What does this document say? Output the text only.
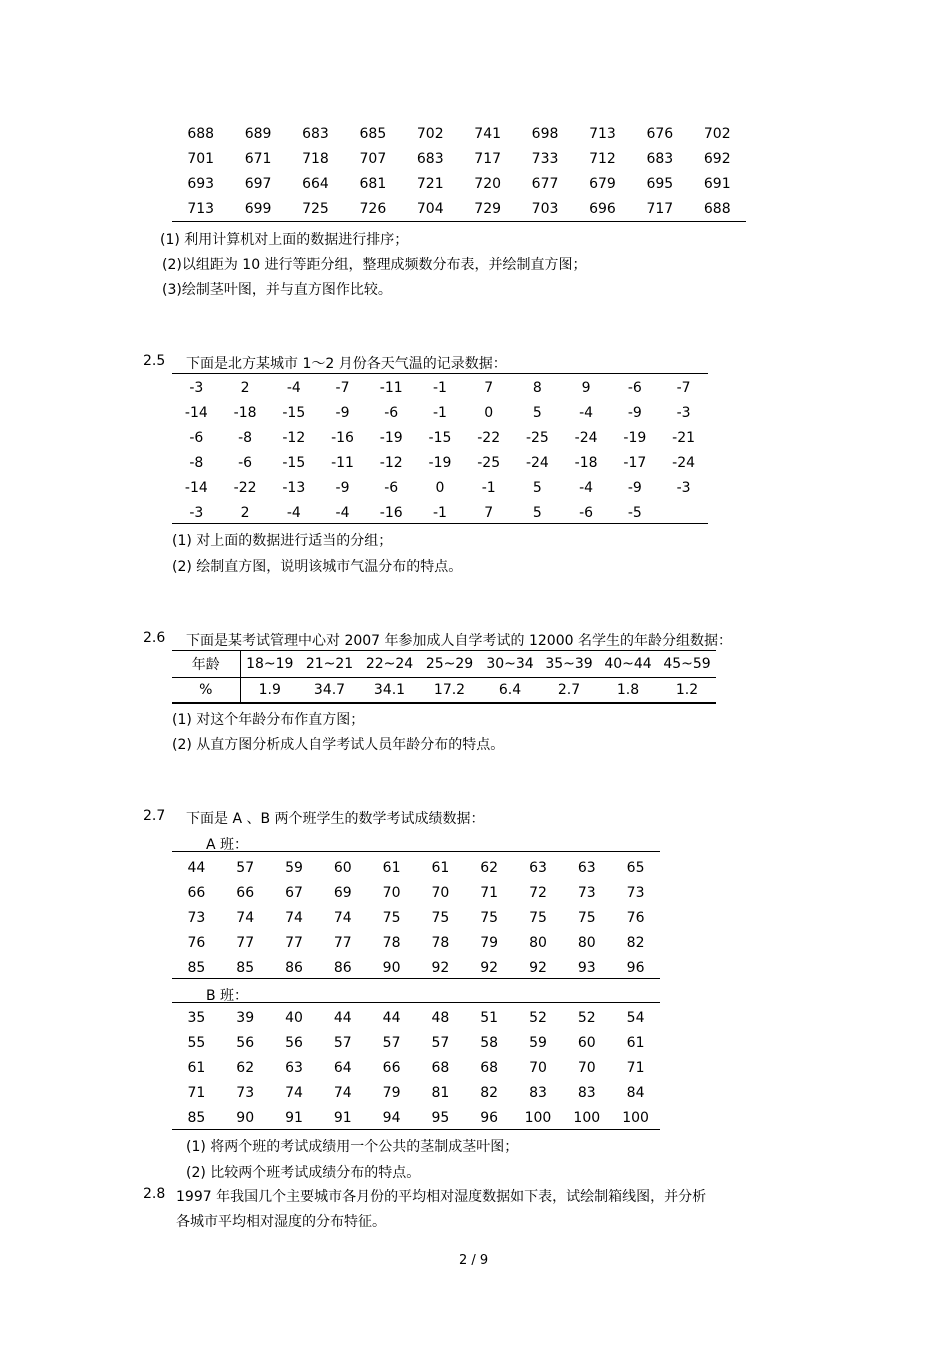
688	689	683	685	702	741	698	713	676	702
701	671	718	707	683	717	733	712	683	692
693	697	664	681	721	720	677	679	695	691
713	699	725	726	704	729	703	696	717	688
(1) 利用计算机对上面的数据进行排序；
(2)以组距为 10 进行等距分组，整理成频数分布表，并绘制直方图；
(3)绘制茎叶图，并与直方图作比较。
2.5 下面是北方某城市 1～2 月份各天气温的记录数据：
-3	2	-4	-7	-11	-1	7	8	9	-6	-7
-14	-18	-15	-9	-6	-1	0	5	-4	-9	-3
-6	-8	-12	-16	-19	-15	-22	-25	-24	-19	-21
-8	-6	-15	-11	-12	-19	-25	-24	-18	-17	-24
-14	-22	-13	-9	-6	0	-1	5	-4	-9	-3
-3	2	-4	-4	-16	-1	7	5	-6	-5	
(1) 对上面的数据进行适当的分组；
(2) 绘制直方图，说明该城市气温分布的特点。
2.6 下面是某考试管理中心对 2007 年参加成人自学考试的 12000 名学生的年龄分组数据：
年龄	18~19	21~21	22~24	25~29	30~34	35~39	40~44	45~59
%	1.9	34.7	34.1	17.2	6.4	2.7	1.8	1.2
(1) 对这个年龄分布作直方图；
(2) 从直方图分析成人自学考试人员年龄分布的特点。
2.7 下面是 A 、B 两个班学生的数学考试成绩数据：
A 班：
44	57	59	60	61	61	62	63	63	65
66	66	67	69	70	70	71	72	73	73
73	74	74	74	75	75	75	75	75	76
76	77	77	77	78	78	79	80	80	82
85	85	86	86	90	92	92	92	93	96
B 班：
35	39	40	44	44	48	51	52	52	54
55	56	56	57	57	57	58	59	60	61
61	62	63	64	66	68	68	70	70	71
71	73	74	74	79	81	82	83	83	84
85	90	91	91	94	95	96	100	100	100
(1) 将两个班的考试成绩用一个公共的茎制成茎叶图；
(2) 比较两个班考试成绩分布的特点。
2.8 1997 年我国几个主要城市各月份的平均相对湿度数据如下表，试绘制箱线图，并分析
各城市平均相对湿度的分布特征。
2 / 9
